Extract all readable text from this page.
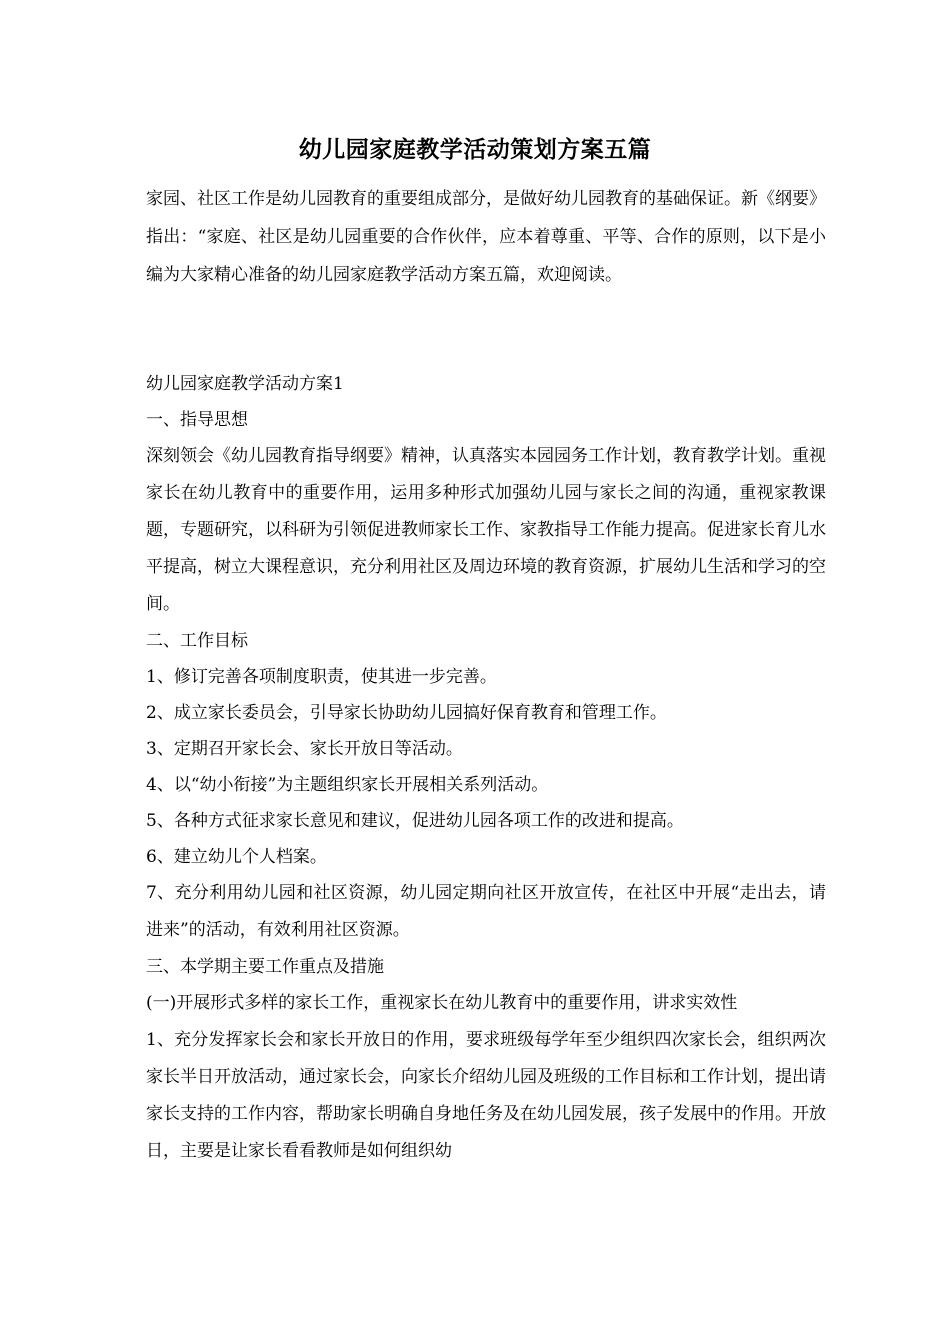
幼儿园家庭教学活动策划方案五篇

家园、社区工作是幼儿园教育的重要组成部分，是做好幼儿园教育的基础保证。新《纲要》指出：“家庭、社区是幼儿园重要的合作伙伴，应本着尊重、平等、合作的原则，以下是小编为大家精心准备的幼儿园家庭教学活动方案五篇，欢迎阅读。

幼儿园家庭教学活动方案1

一、指导思想

深刻领会《幼儿园教育指导纲要》精神，认真落实本园园务工作计划，教育教学计划。重视家长在幼儿教育中的重要作用，运用多种形式加强幼儿园与家长之间的沟通，重视家教课题，专题研究，以科研为引领促进教师家长工作、家教指导工作能力提高。促进家长育儿水平提高，树立大课程意识，充分利用社区及周边环境的教育资源，扩展幼儿生活和学习的空间。

二、工作目标

1、修订完善各项制度职责，使其进一步完善。

2、成立家长委员会，引导家长协助幼儿园搞好保育教育和管理工作。

3、定期召开家长会、家长开放日等活动。

4、以“幼小衔接”为主题组织家长开展相关系列活动。

5、各种方式征求家长意见和建议，促进幼儿园各项工作的改进和提高。

6、建立幼儿个人档案。

7、充分利用幼儿园和社区资源，幼儿园定期向社区开放宣传，在社区中开展“走出去，请进来”的活动，有效利用社区资源。

三、本学期主要工作重点及措施

(一)开展形式多样的家长工作，重视家长在幼儿教育中的重要作用，讲求实效性

1、充分发挥家长会和家长开放日的作用，要求班级每学年至少组织四次家长会，组织两次家长半日开放活动，通过家长会，向家长介绍幼儿园及班级的工作目标和工作计划，提出请家长支持的工作内容，帮助家长明确自身地任务及在幼儿园发展，孩子发展中的作用。开放日，主要是让家长看看教师是如何组织幼
